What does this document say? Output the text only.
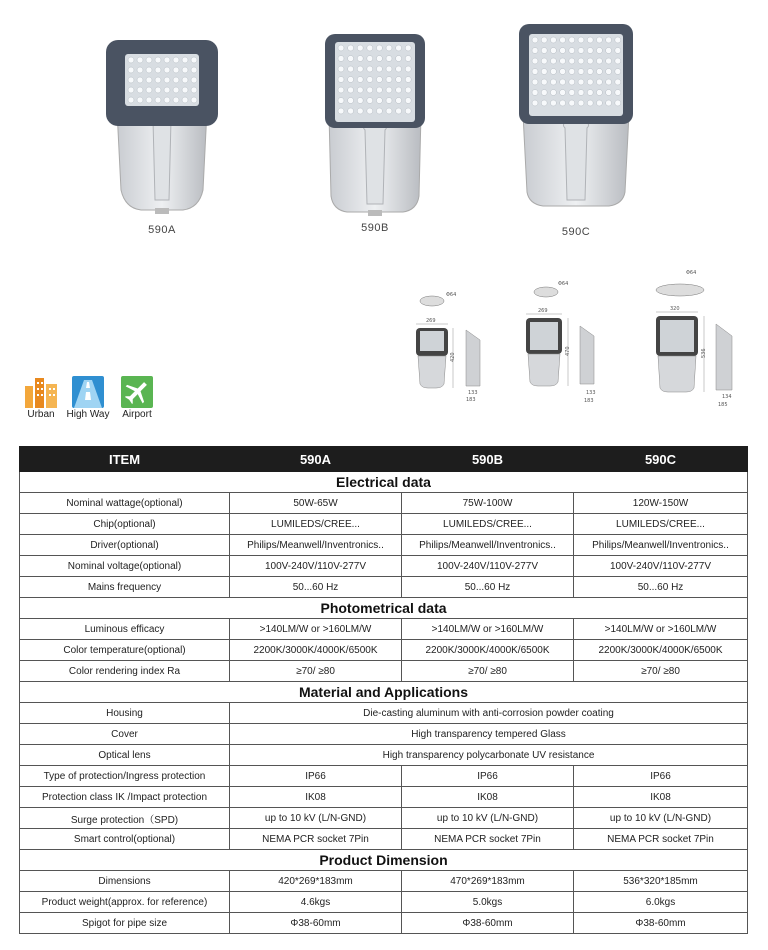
590A	590B	590C
Φ64
269
420
133
183
Φ64
269
470
133
183
Φ64
320
536
134
185
Urban	High Way	Airport
ITEM	590A	590B	590C
Electrical data			
Nominal wattage(optional)	50W-65W	75W-100W	120W-150W
Chip(optional)	LUMILEDS/CREE...	LUMILEDS/CREE...	LUMILEDS/CREE...
Driver(optional)	Philips/Meanwell/Inventronics..	Philips/Meanwell/Inventronics..	Philips/Meanwell/Inventronics..
Nominal voltage(optional)	100V-240V/110V-277V	100V-240V/110V-277V	100V-240V/110V-277V
Mains frequency	50...60 Hz	50...60 Hz	50...60 Hz
Photometrical data			
Luminous efficacy	>140LM/W or >160LM/W	>140LM/W or >160LM/W	>140LM/W or >160LM/W
Color temperature(optional)	2200K/3000K/4000K/6500K	2200K/3000K/4000K/6500K	2200K/3000K/4000K/6500K
Color rendering index Ra	≥70/ ≥80	≥70/ ≥80	≥70/ ≥80
Material and Applications			
Housing	Die-casting aluminum with anti-corrosion powder coating		
Cover	High transparency tempered Glass		
Optical lens	High transparency polycarbonate UV resistance		
Type of protection/Ingress protection	IP66	IP66	IP66
Protection class IK /Impact protection	IK08	IK08	IK08
Surge protection（SPD)	up to 10 kV (L/N-GND)	up to 10 kV (L/N-GND)	up to 10 kV (L/N-GND)
Smart control(optional)	NEMA PCR socket 7Pin	NEMA PCR socket 7Pin	NEMA PCR socket 7Pin
Product Dimension			
Dimensions	420*269*183mm	470*269*183mm	536*320*185mm
Product weight(approx. for reference)	4.6kgs	5.0kgs	6.0kgs
Spigot for pipe size	Φ38-60mm	Φ38-60mm	Φ38-60mm
